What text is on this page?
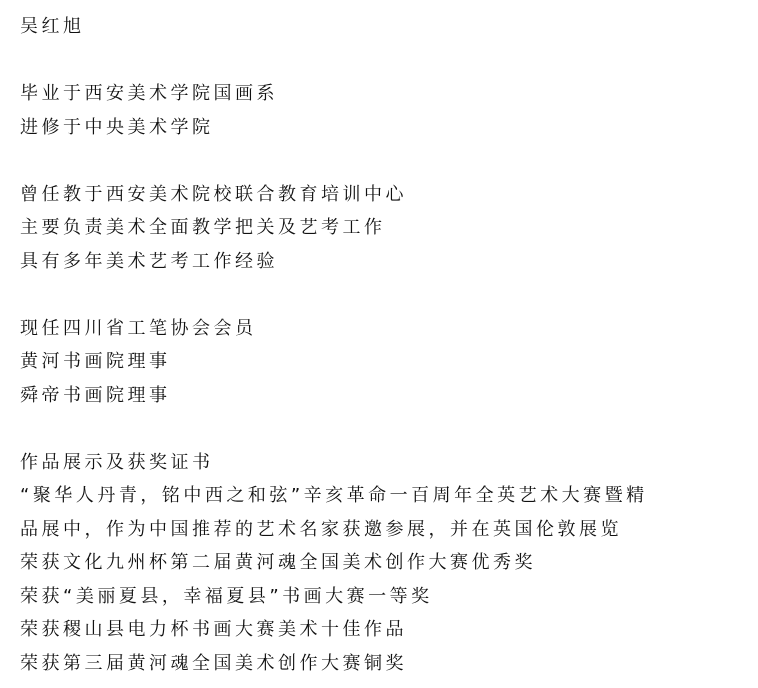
吴红旭
毕业于西安美术学院国画系
进修于中央美术学院
曾任教于西安美术院校联合教育培训中心
主要负责美术全面教学把关及艺考工作
具有多年美术艺考工作经验
现任四川省工笔协会会员
黄河书画院理事
舜帝书画院理事
作品展示及获奖证书
“聚华人丹青，铭中西之和弦”辛亥革命一百周年全英艺术大赛暨精
品展中，作为中国推荐的艺术名家获邀参展，并在英国伦敦展览
荣获文化九州杯第二届黄河魂全国美术创作大赛优秀奖
荣获“美丽夏县，幸福夏县”书画大赛一等奖
荣获稷山县电力杯书画大赛美术十佳作品
荣获第三届黄河魂全国美术创作大赛铜奖
